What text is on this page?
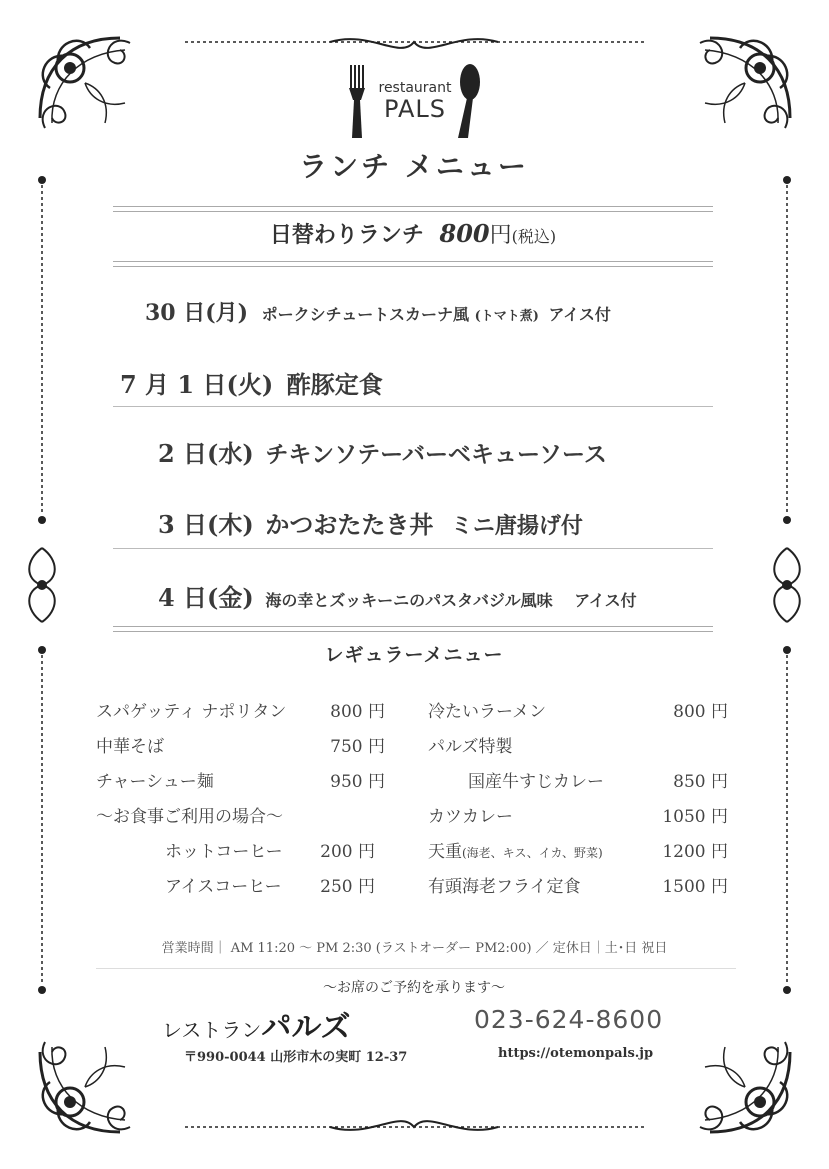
restaurant
PALS
ランチ メニュー
日替わりランチ 800円(税込)
30 日(月) ポークシチュートスカーナ風 (トマト煮) アイス付
7 月 1 日(火) 酢豚定食
2 日(水) チキンソテーバーベキューソース
3 日(木) かつおたたき丼 ミニ唐揚げ付
4 日(金) 海の幸とズッキーニのパスタバジル風味 アイス付
レギュラーメニュー
スパゲッティ ナポリタン	800 円
中華そば	750 円
チャーシュー麺	950 円
〜お食事ご利用の場合〜
ホットコーヒー	200 円
アイスコーヒー	250 円
冷たいラーメン	800 円
パルズ特製
国産牛すじカレー	850 円
カツカレー	1050 円
天重(海老、キス、イカ、野菜)	1200 円
有頭海老フライ定食	1500 円
営業時間｜ AM 11:20 〜 PM 2:30 (ラストオーダー PM2:00) ／ 定休日｜土･日 祝日
〜お席のご予約を承ります〜
レストランパルズ	023-624-8600
〒990-0044 山形市木の実町 12-37	https://otemonpals.jp
